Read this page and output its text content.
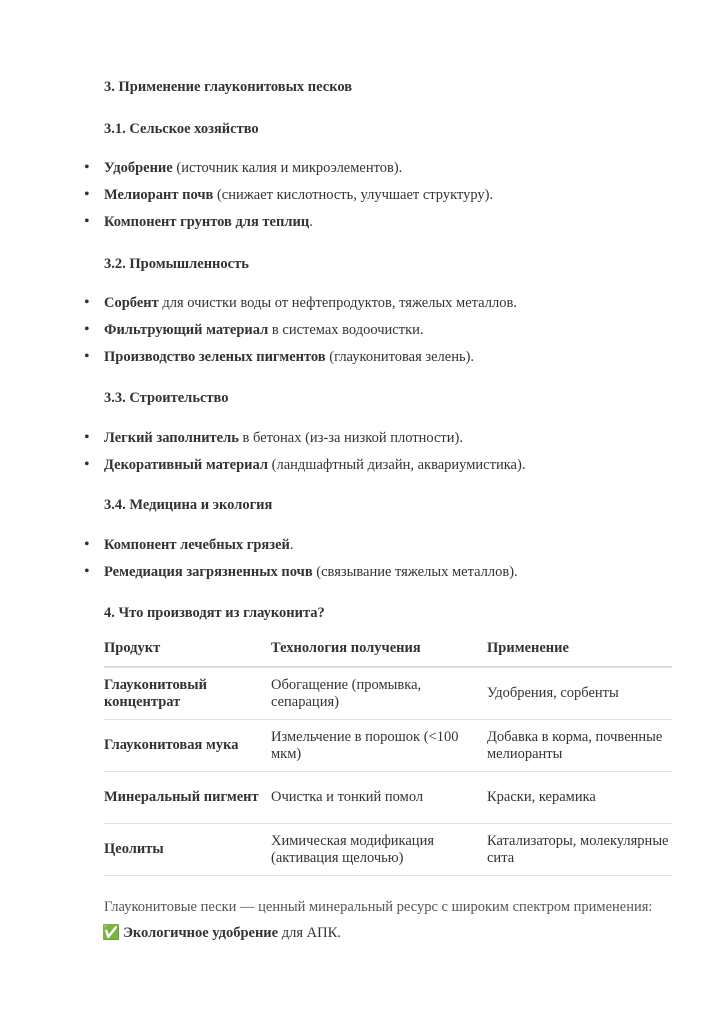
3. Применение глауконитовых песков
3.1. Сельское хозяйство
• Удобрение (источник калия и микроэлементов).
• Мелиорант почв (снижает кислотность, улучшает структуру).
• Компонент грунтов для теплиц.
3.2. Промышленность
• Сорбент для очистки воды от нефтепродуктов, тяжелых металлов.
• Фильтрующий материал в системах водоочистки.
• Производство зеленых пигментов (глауконитовая зелень).
3.3. Строительство
• Легкий заполнитель в бетонах (из-за низкой плотности).
• Декоративный материал (ландшафтный дизайн, аквариумистика).
3.4. Медицина и экология
• Компонент лечебных грязей.
• Ремедиация загрязненных почв (связывание тяжелых металлов).
4. Что производят из глауконита?
Продукт	Технология получения	Применение
Глауконитовый концентрат	Обогащение (промывка, сепарация)	Удобрения, сорбенты
Глауконитовая мука	Измельчение в порошок (<100 мкм)	Добавка в корма, почвенные мелиоранты
Минеральный пигмент	Очистка и тонкий помол	Краски, керамика
Цеолиты	Химическая модификация (активация щелочью)	Катализаторы, молекулярные сита
Глауконитовые пески — ценный минеральный ресурс с широким спектром применения:
✅ Экологичное удобрение для АПК.
